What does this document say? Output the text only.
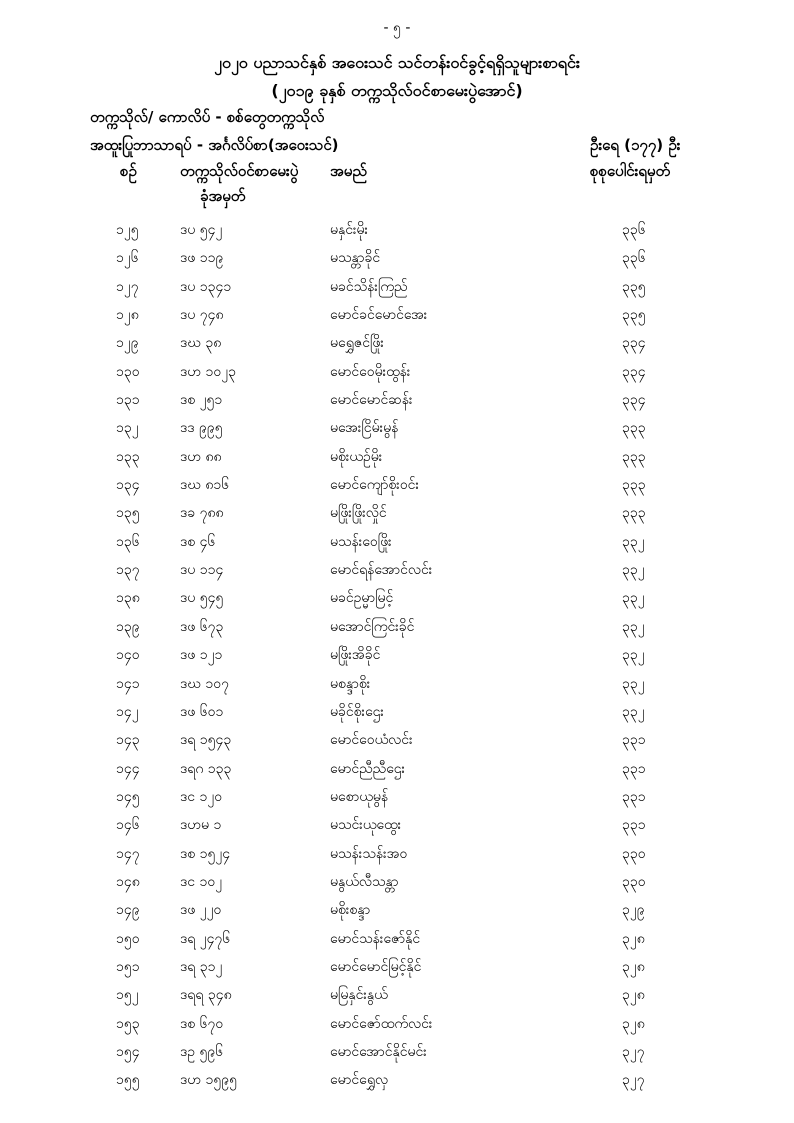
- ၅ -
၂၀၂၀ ပညာသင်နှစ် အဝေးသင် သင်တန်းဝင်ခွင့်ရရှိသူများစာရင်း
(၂၀၁၉ ခုနှစ် တက္ကသိုလ်ဝင်စာမေးပွဲအောင်)
တက္ကသိုလ်/ ကောလိပ် - စစ်တွေတက္ကသိုလ်
အထူးပြုဘာသာရပ် - အင်္ဂလိပ်စာ(အဝေးသင်)	ဦးရေ (၁၇၇) ဦး
စဉ်	တက္ကသိုလ်ဝင်စာမေးပွဲ
ခုံအမှတ်
အမည်	စုစုပေါင်းရမှတ်
၁၂၅	ဒပ ၅၄၂	မနှင်းမိုး	၃၃၆
၁၂၆	ဒဖ ၁၁၉	မသန္တာခိုင်	၃၃၆
၁၂၇	ဒပ ၁၃၄၁	မခင်သိန်းကြည်	၃၃၅
၁၂၈	ဒပ ၇၄၈	မောင်ခင်မောင်အေး	၃၃၅
၁၂၉	ဒဃ ၃၈	မရွှေဇင်ဖြိုး	၃၃၄
၁၃၀	ဒဟ ၁၀၂၃	မောင်ဝေမိုးထွန်း	၃၃၄
၁၃၁	ဒစ ၂၅၁	မောင်မောင်ဆန်း	၃၃၄
၁၃၂	ဒဒ ၉၉၅	မအေးငြိမ်းမွန်	၃၃၃
၁၃၃	ဒဟ ၈၈	မစိုးယဉ်မိုး	၃၃၃
၁၃၄	ဒဃ ၈၁၆	မောင်ကျော်စိုးဝင်း	၃၃၃
၁၃၅	ဒခ ၇၈၈	မဖြိုးဖြိုးလှိုင်	၃၃၃
၁၃၆	ဒစ ၄၆	မသန်းဝေဖြိုး	၃၃၂
၁၃၇	ဒပ ၁၁၄	မောင်ရန်အောင်လင်း	၃၃၂
၁၃၈	ဒပ ၅၄၅	မခင်ဥမ္မာမြင့်	၃၃၂
၁၃၉	ဒဖ ၆၇၃	မအောင်ကြင်းခိုင်	၃၃၂
၁၄၀	ဒဖ ၁၂၁	မဖြိုးအိခိုင်	၃၃၂
၁၄၁	ဒဃ ၁၀၇	မစန္ဒာစိုး	၃၃၂
၁၄၂	ဒဖ ၆၀၁	မခိုင်စိုးဌေး	၃၃၂
၁၄၃	ဒရ ၁၅၄၃	မောင်ဝေယံလင်း	၃၃၁
၁၄၄	ဒရဂ ၁၃၃	မောင်ညီညီဌေး	၃၃၁
၁၄၅	ဒင ၁၂၀	မစောယုမွန်	၃၃၁
၁၄၆	ဒဟမ ၁	မသင်းယုထွေး	၃၃၁
၁၄၇	ဒစ ၁၅၂၄	မသန်းသန်းအ၀	၃၃၀
၁၄၈	ဒင ၁၀၂	မနွယ်လီသန္တာ	၃၃၀
၁၄၉	ဒဖ ၂၂၀	မစိုးစန္ဒာ	၃၂၉
၁၅၀	ဒရ ၂၄၇၆	မောင်သန်းဇော်နိုင်	၃၂၈
၁၅၁	ဒရ ၃၁၂	မောင်မောင်မြင့်နိုင်	၃၂၈
၁၅၂	ဒရရ ၃၄၈	မမြနှင်းနွယ်	၃၂၈
၁၅၃	ဒစ ၆၇၀	မောင်ဇော်ထက်လင်း	၃၂၈
၁၅၄	ဒဥ ၅၉၆	မောင်အောင်နိုင်မင်း	၃၂၇
၁၅၅	ဒဟ ၁၅၉၅	မောင်ရွှေလှ	၃၂၇
